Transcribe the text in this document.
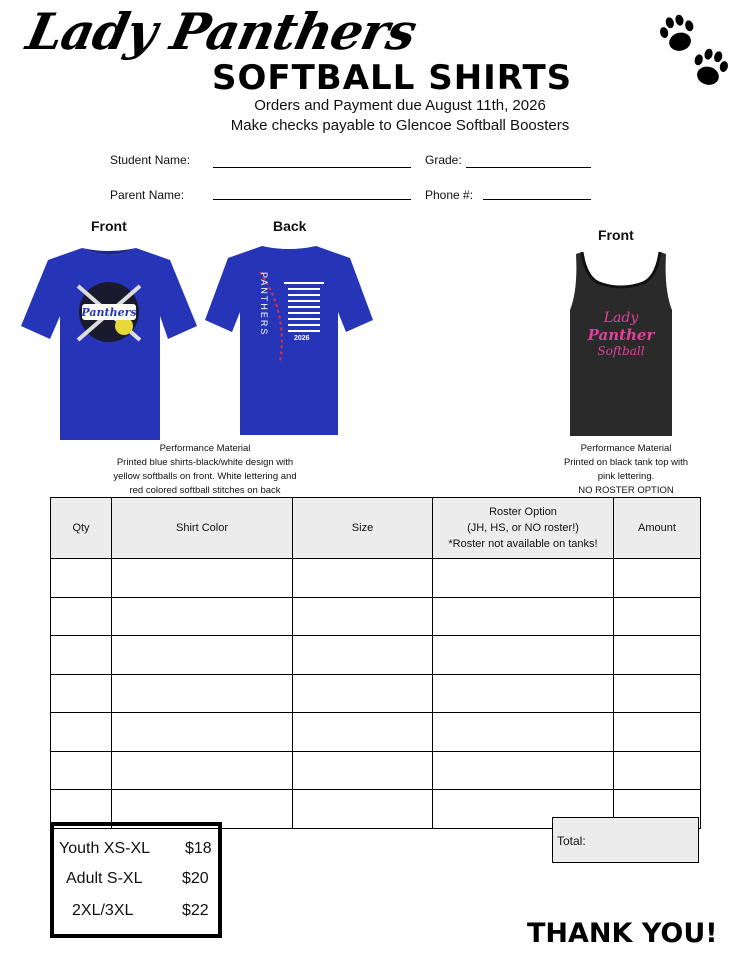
Lady Panthers
SOFTBALL SHIRTS
Orders and Payment due August 11th, 2026
Make checks payable to Glencoe Softball Boosters
Student Name:	Grade:
Parent Name:	Phone #:
Front	Back
Panthers
2026
PANTHERS
Performance Material
Printed blue shirts-black/white design with
yellow softballs on front. White lettering and
red colored softball stitches on back
Front
Lady
Panther
Softball
Performance Material
Printed on black tank top with
pink lettering.
NO ROSTER OPTION
Qty	Shirt Color	Size	Roster Option
(JH, HS, or NO roster!)
*Roster not available on tanks!	Amount

Total:
Youth XS-XL $18
Adult S-XL $20
2XL/3XL	$22
THANK YOU!
